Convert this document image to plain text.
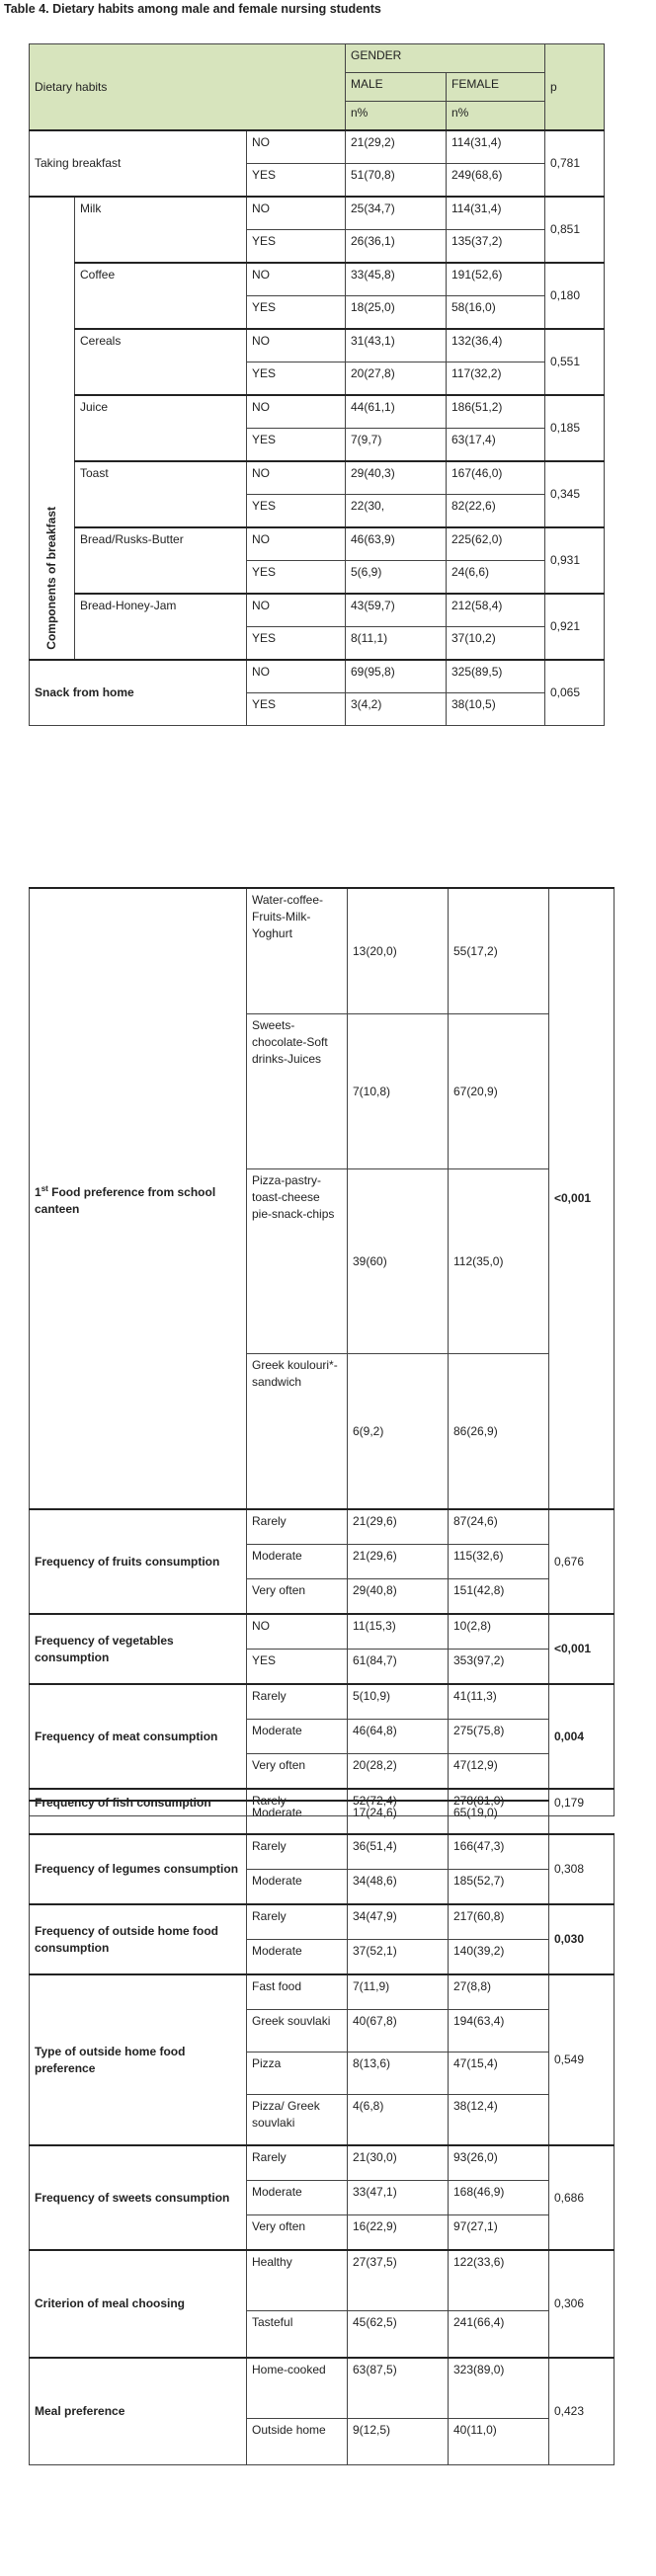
Table 4. Dietary habits among male and female nursing students
Dietary habits			GENDER		p
			MALE	FEMALE	
			n%	n%	
Taking breakfast		NO	21(29,2)	114(31,4)	0,781
		YES	51(70,8)	249(68,6)	
Components of breakfast	Milk	NO	25(34,7)	114(31,4)	0,851
		YES	26(36,1)	135(37,2)	
	Coffee	NO	33(45,8)	191(52,6)	0,180
		YES	18(25,0)	58(16,0)	
	Cereals	NO	31(43,1)	132(36,4)	0,551
		YES	20(27,8)	117(32,2)	
	Juice	NO	44(61,1)	186(51,2)	0,185
		YES	7(9,7)	63(17,4)	
	Toast	NO	29(40,3)	167(46,0)	0,345
		YES	22(30,	82(22,6)	
	Bread/Rusks-Butter	NO	46(63,9)	225(62,0)	0,931
		YES	5(6,9)	24(6,6)	
	Bread-Honey-Jam	NO	43(59,7)	212(58,4)	0,921
		YES	8(11,1)	37(10,2)	
Snack from home		NO	69(95,8)	325(89,5)	0,065
		YES	3(4,2)	38(10,5)	
1st Food preference from school canteen	Water-coffee-Fruits-Milk-Yoghurt	13(20,0)	55(17,2)	<0,001
	Sweets-chocolate-Soft drinks-Juices	7(10,8)	67(20,9)	
	Pizza-pastry-toast-cheese pie-snack-chips	39(60)	112(35,0)	
	Greek koulouri*-sandwich	6(9,2)	86(26,9)	
Frequency of fruits consumption	Rarely	21(29,6)	87(24,6)	0,676
	Moderate	21(29,6)	115(32,6)	
	Very often	29(40,8)	151(42,8)	
Frequency of vegetables consumption	NO	11(15,3)	10(2,8)	<0,001
	YES	61(84,7)	353(97,2)	
Frequency of meat consumption	Rarely	5(10,9)	41(11,3)	0,004
	Moderate	46(64,8)	275(75,8)	
	Very often	20(28,2)	47(12,9)	
Frequency of fish consumption	Rarely	52(72,4)	278(81,0)	0,179
	Moderate	17(24,6)	65(19,0)	
Frequency of legumes consumption	Rarely	36(51,4)	166(47,3)	0,308
	Moderate	34(48,6)	185(52,7)	
Frequency of outside home food consumption	Rarely	34(47,9)	217(60,8)	0,030
	Moderate	37(52,1)	140(39,2)	
Type of outside home food preference	Fast food	7(11,9)	27(8,8)	0,549
	Greek souvlaki	40(67,8)	194(63,4)	
	Pizza	8(13,6)	47(15,4)	
	Pizza/ Greek souvlaki	4(6,8)	38(12,4)	
Frequency of sweets consumption	Rarely	21(30,0)	93(26,0)	0,686
	Moderate	33(47,1)	168(46,9)	
	Very often	16(22,9)	97(27,1)	
Criterion of meal choosing	Healthy	27(37,5)	122(33,6)	0,306
	Tasteful	45(62,5)	241(66,4)	
Meal preference	Home-cooked	63(87,5)	323(89,0)	0,423
	Outside home	9(12,5)	40(11,0)	
